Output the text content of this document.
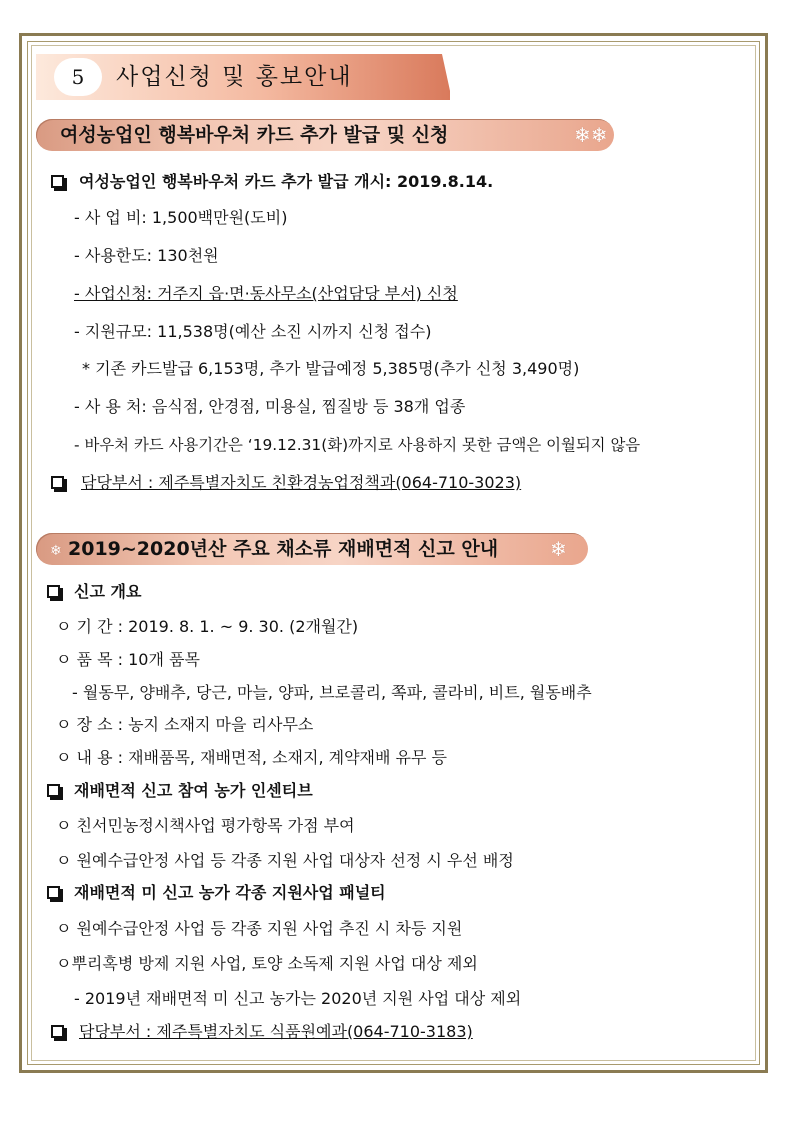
5	사업신청 및 홍보안내
여성농업인 행복바우처 카드 추가 발급 및 신청	❄❄
여성농업인 행복바우처 카드 추가 발급 개시: 2019.8.14.
- 사 업 비: 1,500백만원(도비)
- 사용한도: 130천원
- 사업신청: 거주지 읍·면·동사무소(산업담당 부서) 신청
- 지원규모: 11,538명(예산 소진 시까지 신청 접수)
* 기존 카드발급 6,153명, 추가 발급예정 5,385명(추가 신청 3,490명)
- 사 용 처: 음식점, 안경점, 미용실, 찜질방 등 38개 업종
- 바우처 카드 사용기간은 ‘19.12.31(화)까지로 사용하지 못한 금액은 이월되지 않음
담당부서 : 제주특별자치도 친환경농업정책과(064-710-3023)
❄ 2019~2020년산 주요 채소류 재배면적 신고 안내	❄
신고 개요
ㅇ 기 간 : 2019. 8. 1. ~ 9. 30. (2개월간)
ㅇ 품 목 : 10개 품목
- 월동무, 양배추, 당근, 마늘, 양파, 브로콜리, 쪽파, 콜라비, 비트, 월동배추
ㅇ 장 소 : 농지 소재지 마을 리사무소
ㅇ 내 용 : 재배품목, 재배면적, 소재지, 계약재배 유무 등
재배면적 신고 참여 농가 인센티브
ㅇ 친서민농정시책사업 평가항목 가점 부여
ㅇ 원예수급안정 사업 등 각종 지원 사업 대상자 선정 시 우선 배정
재배면적 미 신고 농가 각종 지원사업 패널티
ㅇ 원예수급안정 사업 등 각종 지원 사업 추진 시 차등 지원
ㅇ뿌리혹병 방제 지원 사업, 토양 소독제 지원 사업 대상 제외
- 2019년 재배면적 미 신고 농가는 2020년 지원 사업 대상 제외
담당부서 : 제주특별자치도 식품원예과(064-710-3183)
